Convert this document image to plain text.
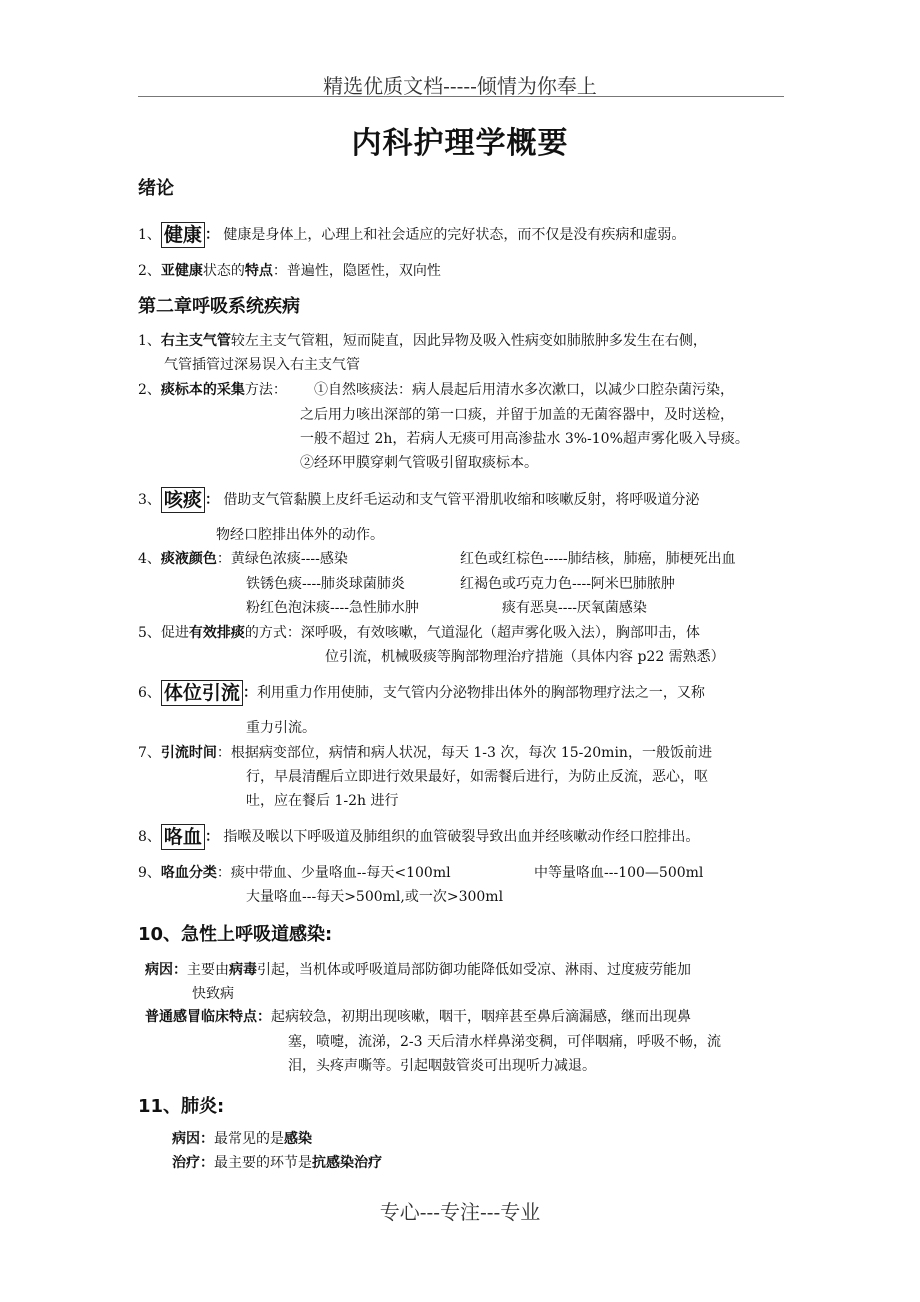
精选优质文档-----倾情为你奉上
内科护理学概要
绪论
1、 健康 ： 健康是身体上，心理上和社会适应的完好状态，而不仅是没有疾病和虚弱。
2、亚健康状态的特点：普遍性，隐匿性，双向性
第二章呼吸系统疾病
1、右主支气管较左主支气管粗，短而陡直，因此异物及吸入性病变如肺脓肿多发生在右侧，
气管插管过深易误入右主支气管
2、痰标本的采集方法： ①自然咳痰法：病人晨起后用清水多次漱口，以减少口腔杂菌污染，
之后用力咳出深部的第一口痰，并留于加盖的无菌容器中，及时送检，
一般不超过 2h，若病人无痰可用高渗盐水 3%-10%超声雾化吸入导痰。
②经环甲膜穿刺气管吸引留取痰标本。
3、 咳痰 ： 借助支气管黏膜上皮纤毛运动和支气管平滑肌收缩和咳嗽反射，将呼吸道分泌
物经口腔排出体外的动作。
4、痰液颜色：黄绿色浓痰----感染	红色或红棕色-----肺结核，肺癌，肺梗死出血
铁锈色痰----肺炎球菌肺炎	红褐色或巧克力色----阿米巴肺脓肿
粉红色泡沫痰----急性肺水肿	痰有恶臭----厌氧菌感染
5、促进有效排痰的方式：深呼吸，有效咳嗽，气道湿化（超声雾化吸入法），胸部叩击，体
位引流，机械吸痰等胸部物理治疗措施（具体内容 p22 需熟悉）
6、 体位引流 ：利用重力作用使肺，支气管内分泌物排出体外的胸部物理疗法之一，又称
重力引流。
7、引流时间：根据病变部位，病情和病人状况，每天 1-3 次，每次 15-20min，一般饭前进
行，早晨清醒后立即进行效果最好，如需餐后进行，为防止反流，恶心，呕
吐，应在餐后 1-2h 进行
8、 咯血 ： 指喉及喉以下呼吸道及肺组织的血管破裂导致出血并经咳嗽动作经口腔排出。
9、咯血分类：痰中带血、少量咯血--每天<100ml	中等量咯血---100—500ml
大量咯血---每天>500ml,或一次>300ml
10、急性上呼吸道感染:
病因：主要由病毒引起，当机体或呼吸道局部防御功能降低如受凉、淋雨、过度疲劳能加
快致病
普通感冒临床特点：起病较急，初期出现咳嗽，咽干，咽痒甚至鼻后滴漏感，继而出现鼻
塞，喷嚏，流涕，2-3 天后清水样鼻涕变稠，可伴咽痛，呼吸不畅，流
泪，头疼声嘶等。引起咽鼓管炎可出现听力减退。
11、肺炎:
病因：最常见的是感染
治疗：最主要的环节是抗感染治疗
专心---专注---专业
